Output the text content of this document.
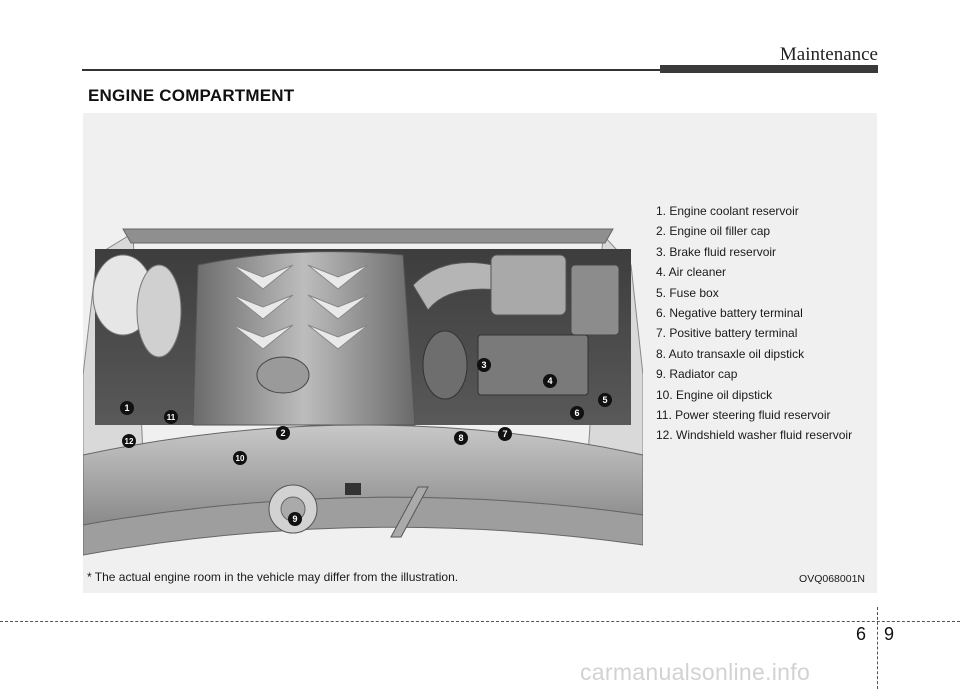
Maintenance
ENGINE COMPARTMENT
1
2
3
4
5
6
7
8
9
10
11
12
1. Engine coolant reservoir
2. Engine oil filler cap
3. Brake fluid reservoir
4. Air cleaner
5. Fuse box
6. Negative battery terminal
7. Positive battery terminal
8. Auto transaxle oil dipstick
9. Radiator cap
10. Engine oil dipstick
11. Power steering fluid reservoir
12. Windshield washer fluid reservoir
* The actual engine room in the vehicle may differ from the illustration.	OVQ068001N
6 9
carmanualsonline.info
